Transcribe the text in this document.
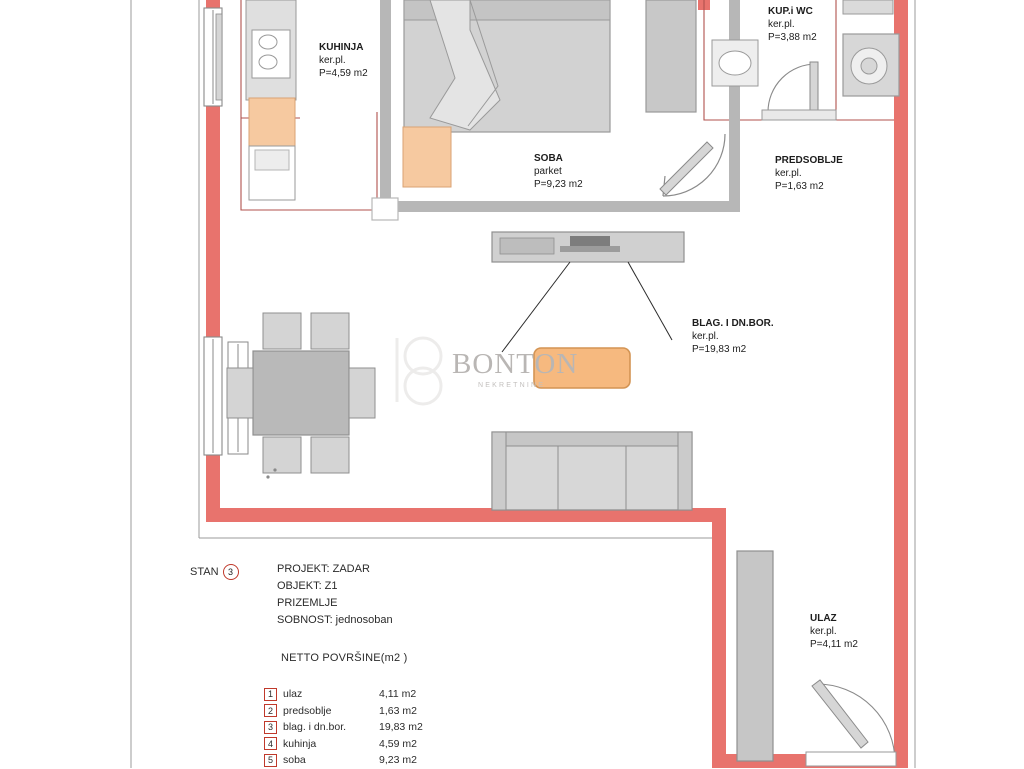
BONTON
NEKRETNINE
KUHINJA
ker.pl.
P=4,59 m2
KUP.i WC
ker.pl.
P=3,88 m2
PREDSOBLJE
ker.pl.
P=1,63 m2
SOBA
parket
P=9,23 m2
BLAG. I DN.BOR.
ker.pl.
P=19,83 m2
ULAZ
ker.pl.
P=4,11 m2
STAN	3	PROJEKT: ZADAR
OBJEKT: Z1
PRIZEMLJE
SOBNOST: jednosoban
NETTO POVRŠINE(m2 )
1 ulaz	4,11 m2
2 predsoblje	1,63 m2
3 blag. i dn.bor.	19,83 m2
4 kuhinja	4,59 m2
5 soba	9,23 m2
